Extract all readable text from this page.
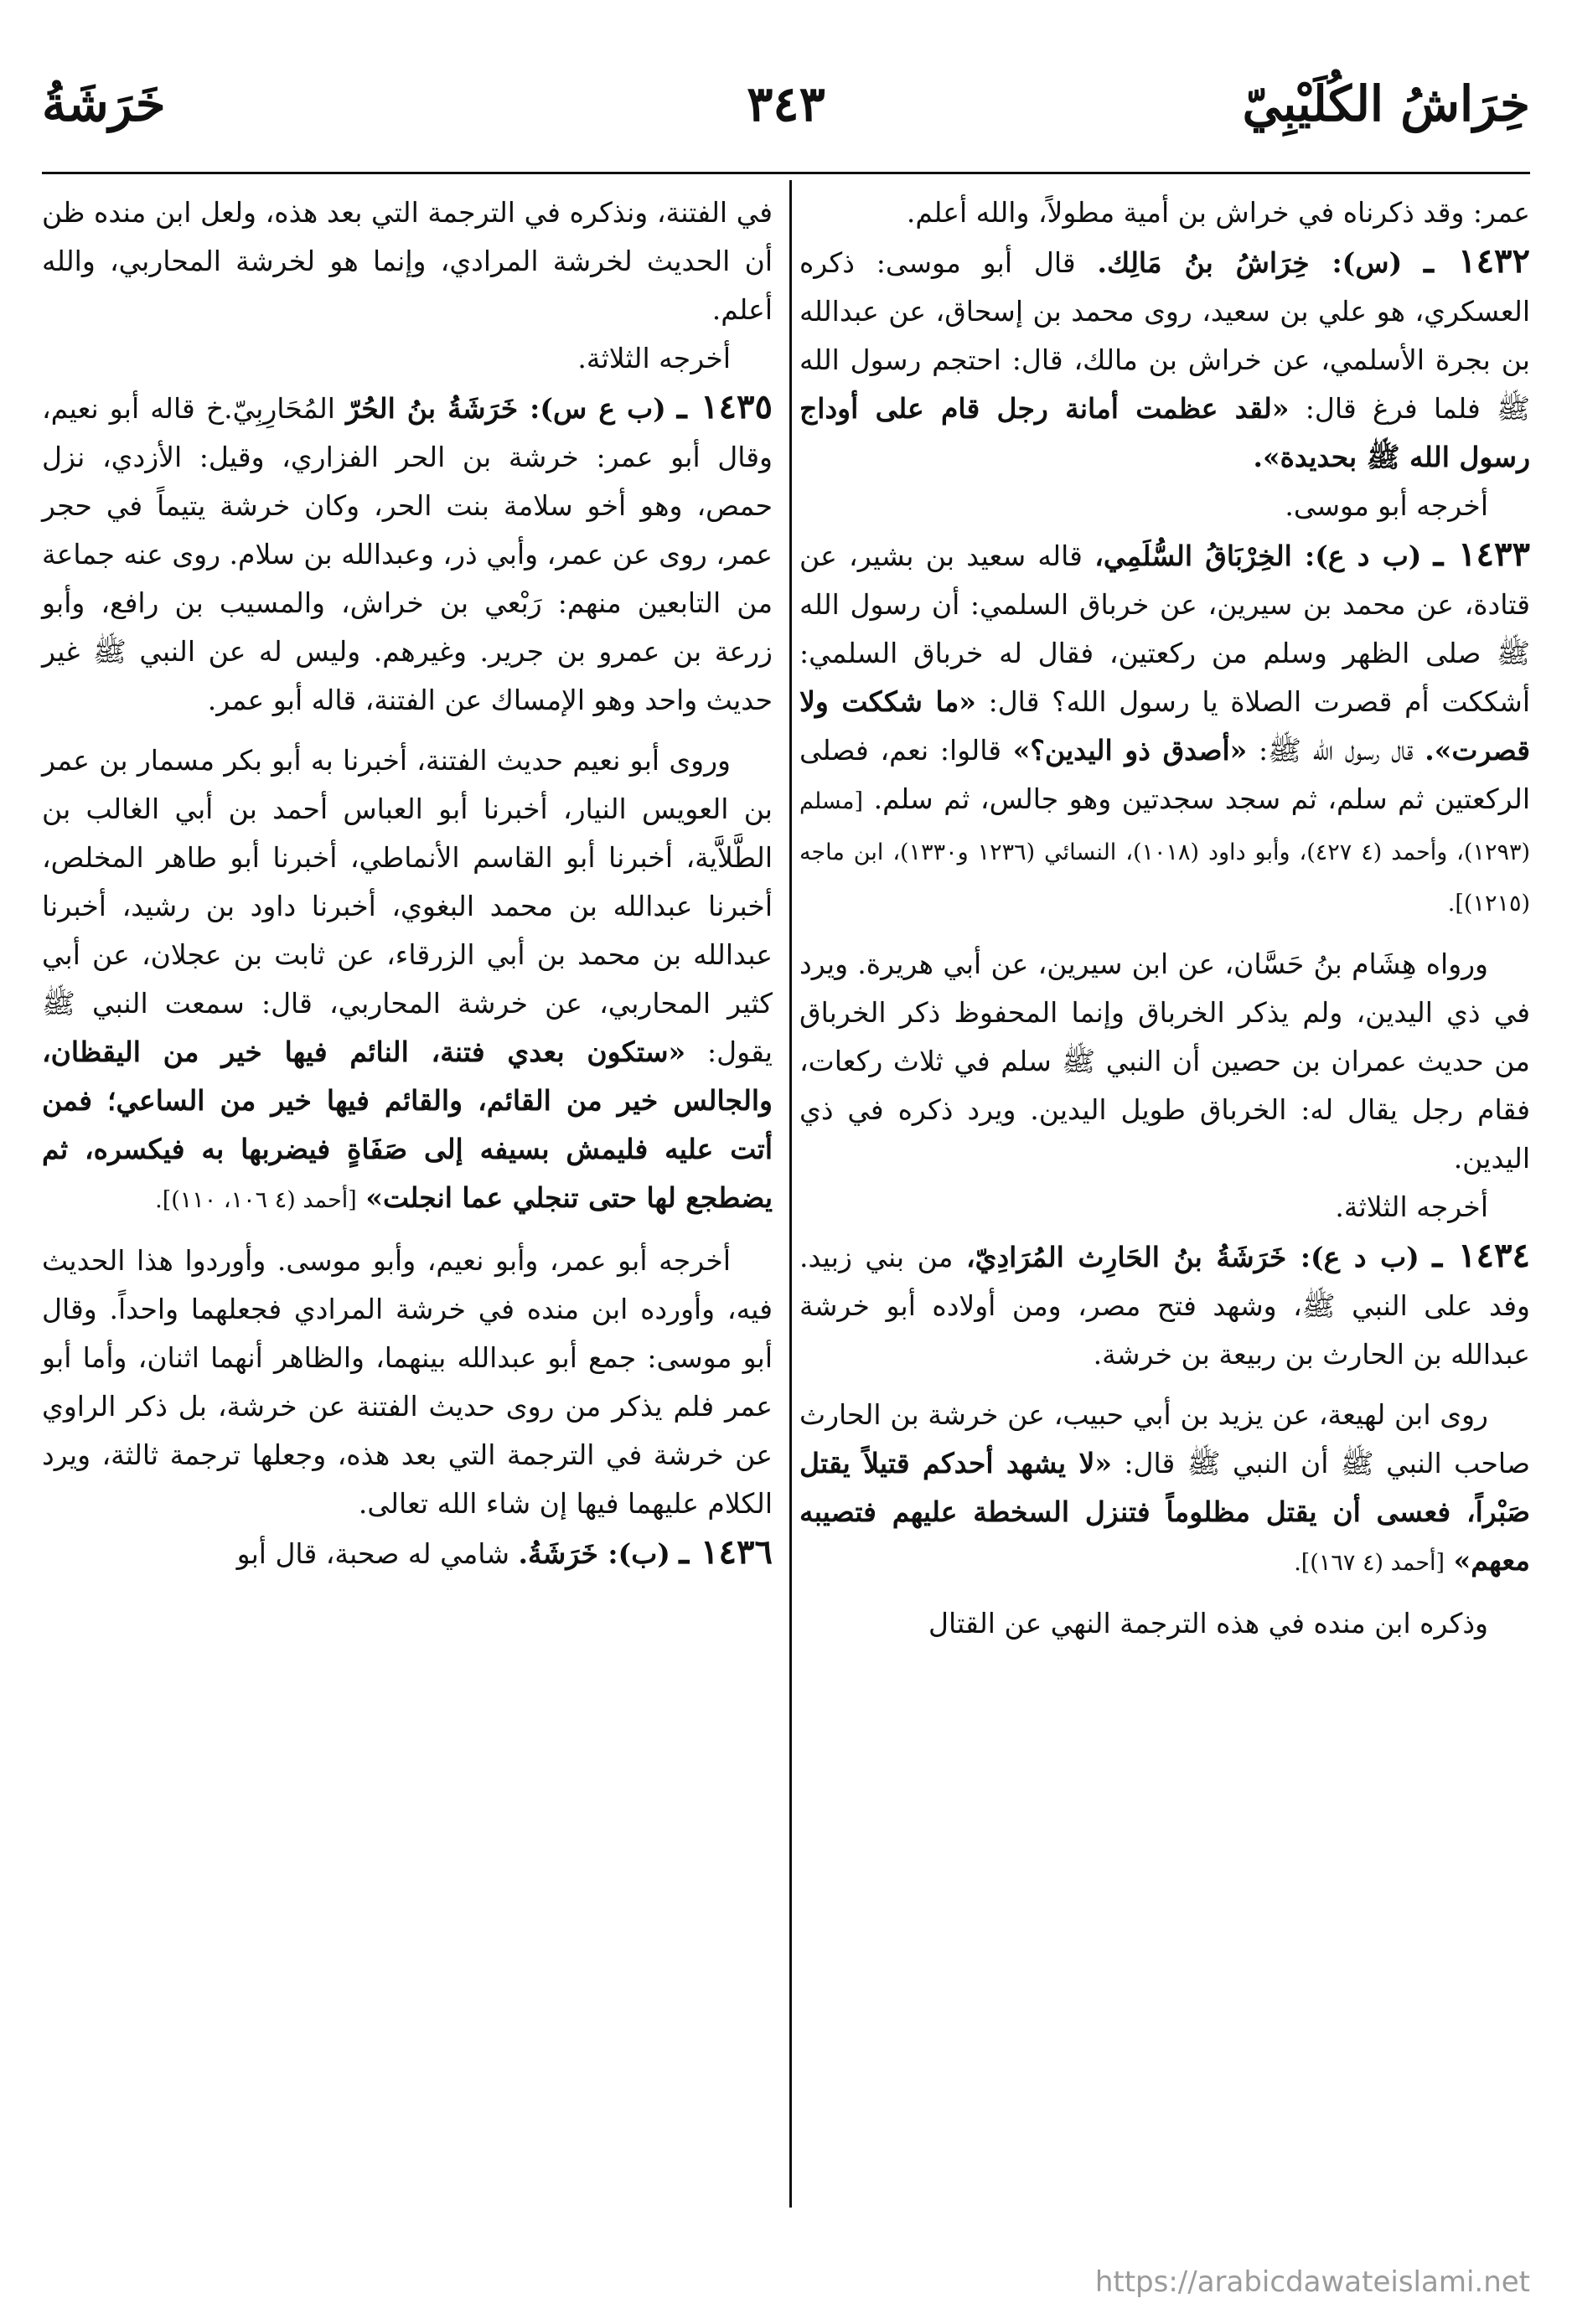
خِرَاشُ الكُلَيْبِيّ
٣٤٣
خَرَشَةُ

عمر: وقد ذكرناه في خراش بن أمية مطولاً، والله أعلم.

١٤٣٢ ـ (س): خِرَاشُ بنُ مَالِك. قال أبو موسى: ذكره العسكري، هو علي بن سعيد، روى محمد بن إسحاق، عن عبدالله بن بجرة الأسلمي، عن خراش بن مالك، قال: احتجم رسول الله ﷺ فلما فرغ قال: «لقد عظمت أمانة رجل قام على أوداج رسول الله ﷺ بحديدة».

أخرجه أبو موسى.

١٤٣٣ ـ (ب د ع): الخِرْبَاقُ السُّلَمِي، قاله سعيد بن بشير، عن قتادة، عن محمد بن سيرين، عن خرباق السلمي: أن رسول الله ﷺ صلى الظهر وسلم من ركعتين، فقال له خرباق السلمي: أشككت أم قصرت الصلاة يا رسول الله؟ قال: «ما شككت ولا قصرت». قال رسول الله ﷺ: «أصدق ذو اليدين؟» قالوا: نعم، فصلى الركعتين ثم سلم، ثم سجد سجدتين وهو جالس، ثم سلم. [مسلم (١٢٩٣)، وأحمد (٤ ٤٢٧)، وأبو داود (١٠١٨)، النسائي (١٢٣٦ و١٣٣٠)، ابن ماجه (١٢١٥)].

ورواه هِشَام بنُ حَسَّان، عن ابن سيرين، عن أبي هريرة. ويرد في ذي اليدين، ولم يذكر الخرباق وإنما المحفوظ ذكر الخرباق من حديث عمران بن حصين أن النبي ﷺ سلم في ثلاث ركعات، فقام رجل يقال له: الخرباق طويل اليدين. ويرد ذكره في ذي اليدين.

أخرجه الثلاثة.

١٤٣٤ ـ (ب د ع): خَرَشَةُ بنُ الحَارِث المُرَادِيّ، من بني زبيد. وفد على النبي ﷺ، وشهد فتح مصر، ومن أولاده أبو خرشة عبدالله بن الحارث بن ربيعة بن خرشة.

روى ابن لهيعة، عن يزيد بن أبي حبيب، عن خرشة بن الحارث صاحب النبي ﷺ أن النبي ﷺ قال: «لا يشهد أحدكم قتيلاً يقتل صَبْراً، فعسى أن يقتل مظلوماً فتنزل السخطة عليهم فتصيبه معهم» [أحمد (٤ ١٦٧)].

وذكره ابن منده في هذه الترجمة النهي عن القتال

في الفتنة، ونذكره في الترجمة التي بعد هذه، ولعل ابن منده ظن أن الحديث لخرشة المرادي، وإنما هو لخرشة المحاربي، والله أعلم.

أخرجه الثلاثة.

١٤٣٥ ـ (ب ع س): خَرَشَةُ بنُ الحُرّ المُحَارِبِيّ.خ قاله أبو نعيم، وقال أبو عمر: خرشة بن الحر الفزاري، وقيل: الأزدي، نزل حمص، وهو أخو سلامة بنت الحر، وكان خرشة يتيماً في حجر عمر، روى عن عمر، وأبي ذر، وعبدالله بن سلام. روى عنه جماعة من التابعين منهم: رَبْعي بن خراش، والمسيب بن رافع، وأبو زرعة بن عمرو بن جرير. وغيرهم. وليس له عن النبي ﷺ غير حديث واحد وهو الإمساك عن الفتنة، قاله أبو عمر.

وروى أبو نعيم حديث الفتنة، أخبرنا به أبو بكر مسمار بن عمر بن العويس النيار، أخبرنا أبو العباس أحمد بن أبي الغالب بن الطَّلاَّية، أخبرنا أبو القاسم الأنماطي، أخبرنا أبو طاهر المخلص، أخبرنا عبدالله بن محمد البغوي، أخبرنا داود بن رشيد، أخبرنا عبدالله بن محمد بن أبي الزرقاء، عن ثابت بن عجلان، عن أبي كثير المحاربي، عن خرشة المحاربي، قال: سمعت النبي ﷺ يقول: «ستكون بعدي فتنة، النائم فيها خير من اليقظان، والجالس خير من القائم، والقائم فيها خير من الساعي؛ فمن أتت عليه فليمش بسيفه إلى صَفَاةٍ فيضربها به فيكسره، ثم يضطجع لها حتى تنجلي عما انجلت» [أحمد (٤ ١٠٦، ١١٠)].

أخرجه أبو عمر، وأبو نعيم، وأبو موسى. وأوردوا هذا الحديث فيه، وأورده ابن منده في خرشة المرادي فجعلهما واحداً. وقال أبو موسى: جمع أبو عبدالله بينهما، والظاهر أنهما اثنان، وأما أبو عمر فلم يذكر من روى حديث الفتنة عن خرشة، بل ذكر الراوي عن خرشة في الترجمة التي بعد هذه، وجعلها ترجمة ثالثة، ويرد الكلام عليهما فيها إن شاء الله تعالى.

١٤٣٦ ـ (ب): خَرَشَةُ. شامي له صحبة، قال أبو

https://arabicdawateislami.net
